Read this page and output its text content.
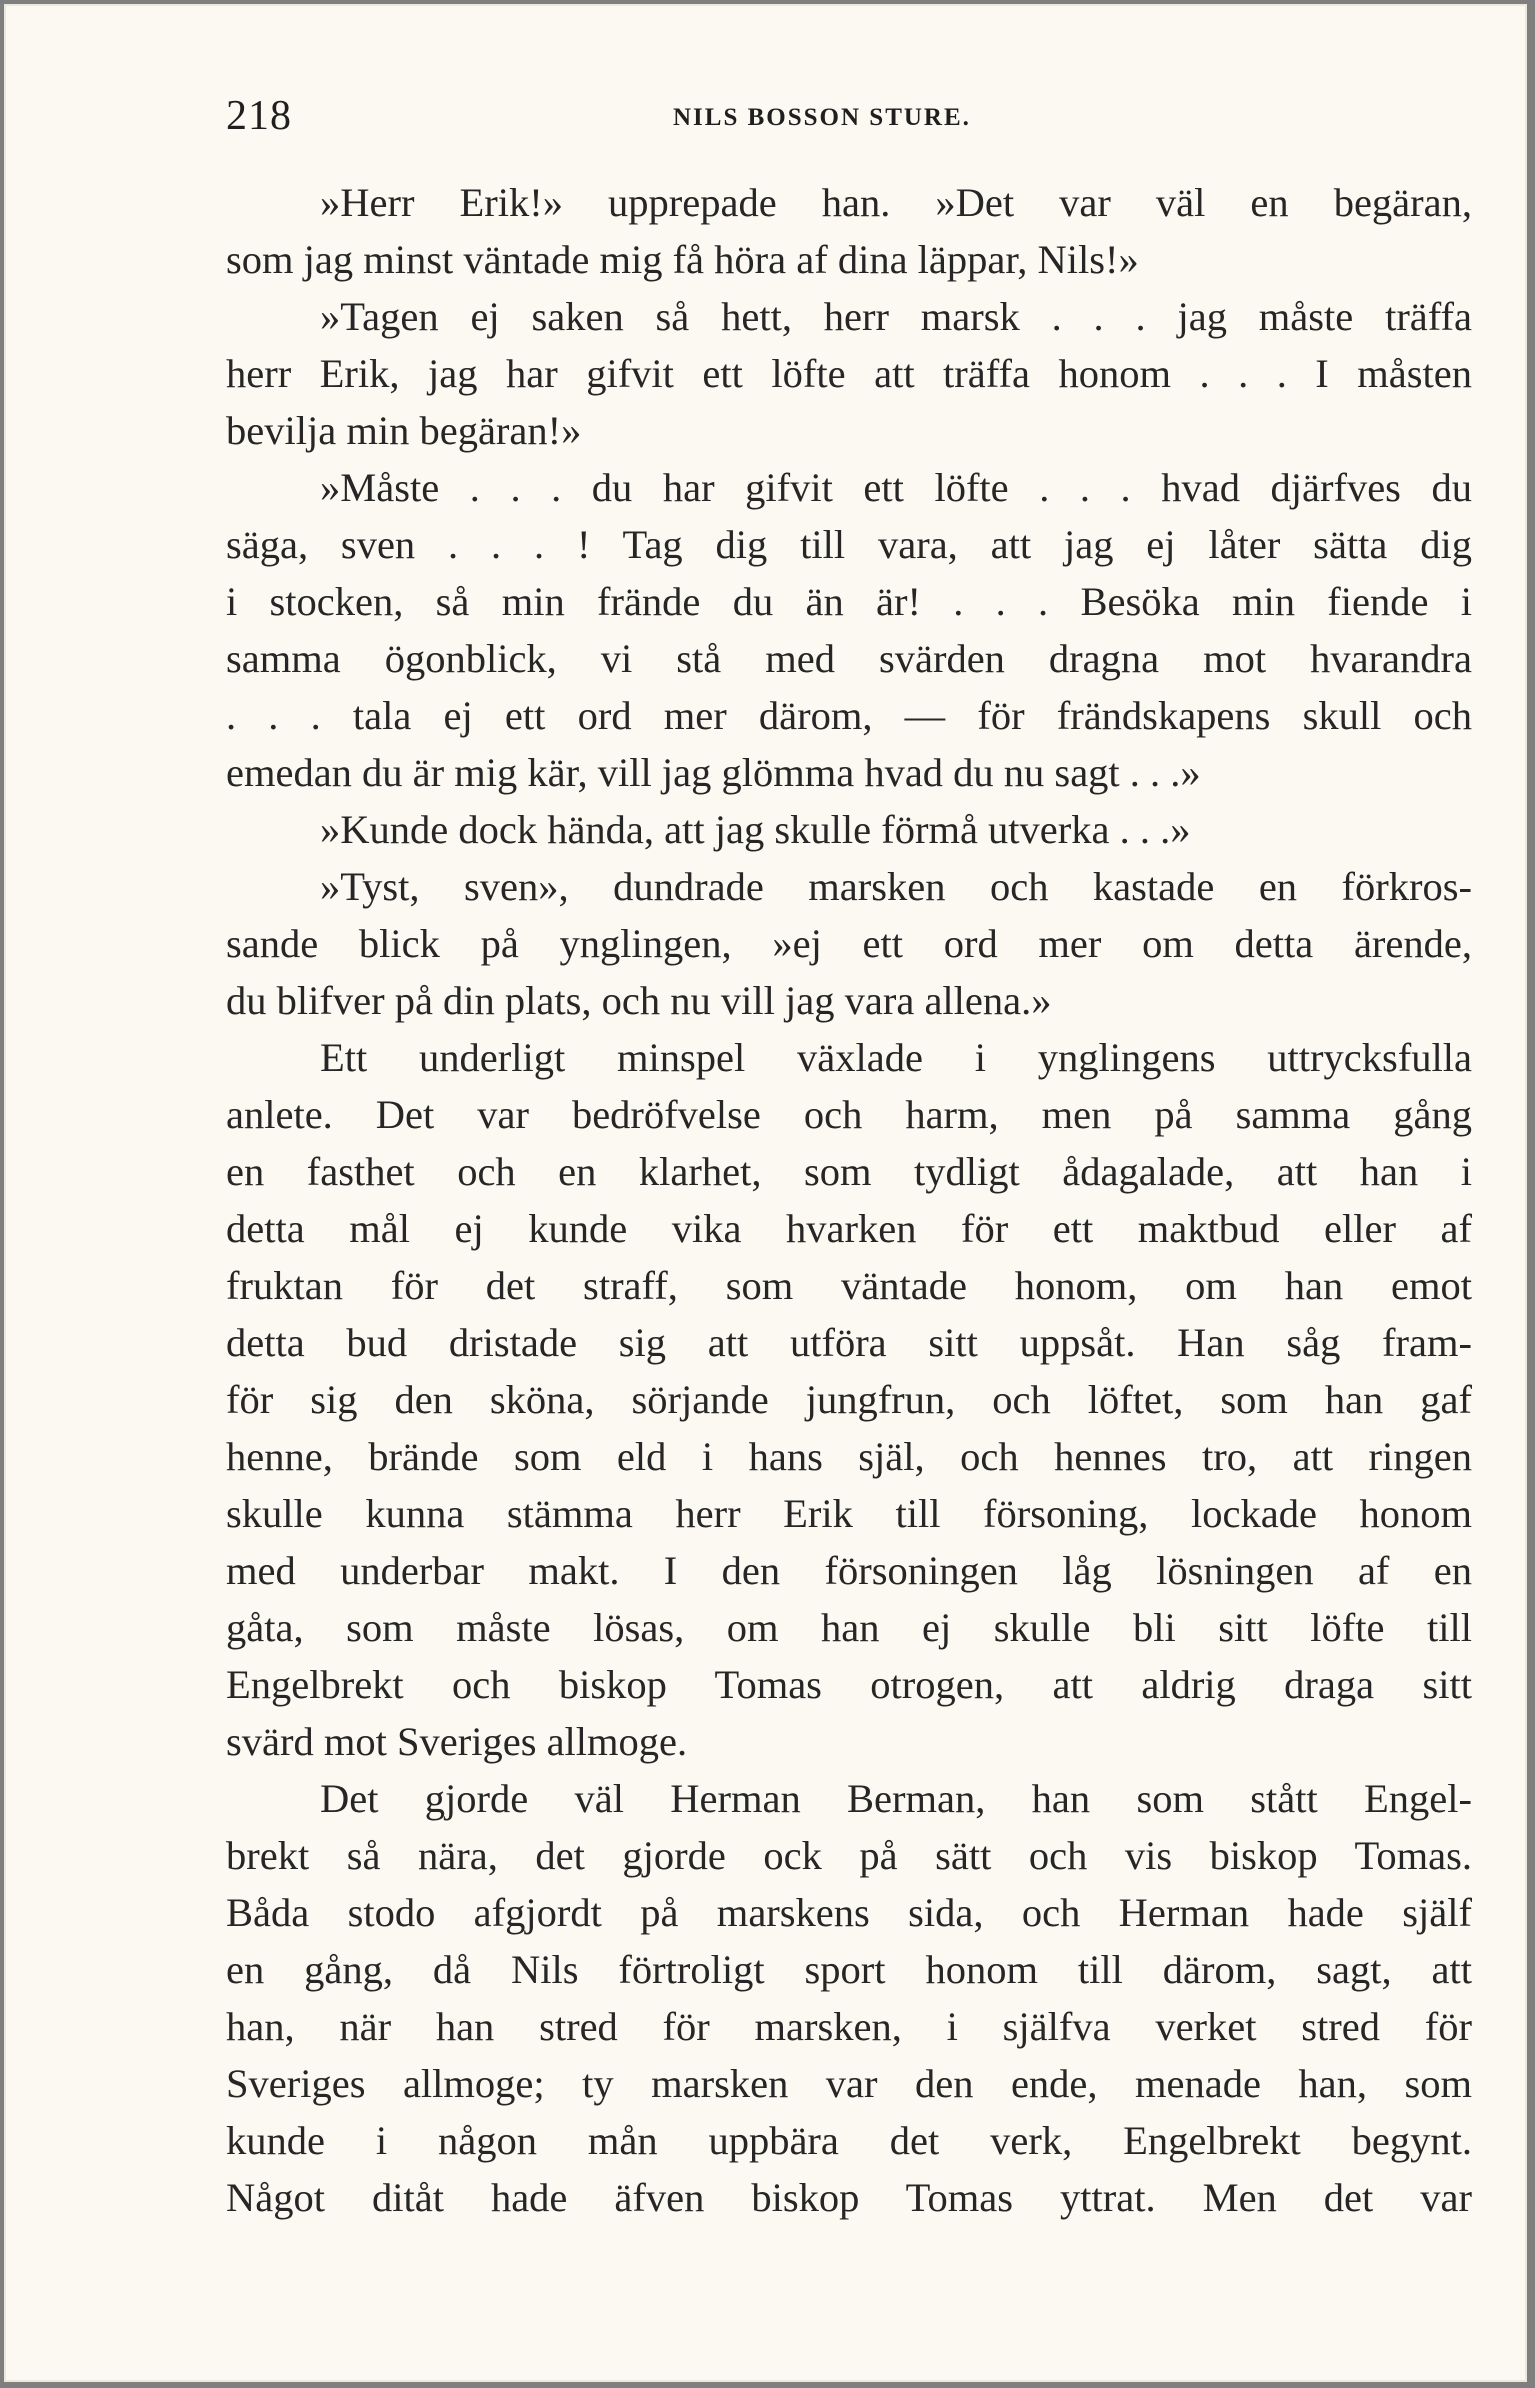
218	NILS BOSSON STURE.
»Herr Erik!» upprepade han. »Det var väl en begäran,
som jag minst väntade mig få höra af dina läppar, Nils!»
»Tagen ej saken så hett, herr marsk . . . jag måste träffa
herr Erik, jag har gifvit ett löfte att träffa honom . . . I måsten
bevilja min begäran!»
»Måste . . . du har gifvit ett löfte . . . hvad djärfves du
säga, sven . . . ! Tag dig till vara, att jag ej låter sätta dig
i stocken, så min frände du än är! . . . Besöka min fiende i
samma ögonblick, vi stå med svärden dragna mot hvarandra
. . . tala ej ett ord mer därom, — för frändskapens skull och
emedan du är mig kär, vill jag glömma hvad du nu sagt . . .»
»Kunde dock hända, att jag skulle förmå utverka . . .»
»Tyst, sven», dundrade marsken och kastade en förkros-
sande blick på ynglingen, »ej ett ord mer om detta ärende,
du blifver på din plats, och nu vill jag vara allena.»
Ett underligt minspel växlade i ynglingens uttrycksfulla
anlete. Det var bedröfvelse och harm, men på samma gång
en fasthet och en klarhet, som tydligt ådagalade, att han i
detta mål ej kunde vika hvarken för ett maktbud eller af
fruktan för det straff, som väntade honom, om han emot
detta bud dristade sig att utföra sitt uppsåt. Han såg fram-
för sig den sköna, sörjande jungfrun, och löftet, som han gaf
henne, brände som eld i hans själ, och hennes tro, att ringen
skulle kunna stämma herr Erik till försoning, lockade honom
med underbar makt. I den försoningen låg lösningen af en
gåta, som måste lösas, om han ej skulle bli sitt löfte till
Engelbrekt och biskop Tomas otrogen, att aldrig draga sitt
svärd mot Sveriges allmoge.
Det gjorde väl Herman Berman, han som stått Engel-
brekt så nära, det gjorde ock på sätt och vis biskop Tomas.
Båda stodo afgjordt på marskens sida, och Herman hade själf
en gång, då Nils förtroligt sport honom till därom, sagt, att
han, när han stred för marsken, i själfva verket stred för
Sveriges allmoge; ty marsken var den ende, menade han, som
kunde i någon mån uppbära det verk, Engelbrekt begynt.
Något ditåt hade äfven biskop Tomas yttrat. Men det var
